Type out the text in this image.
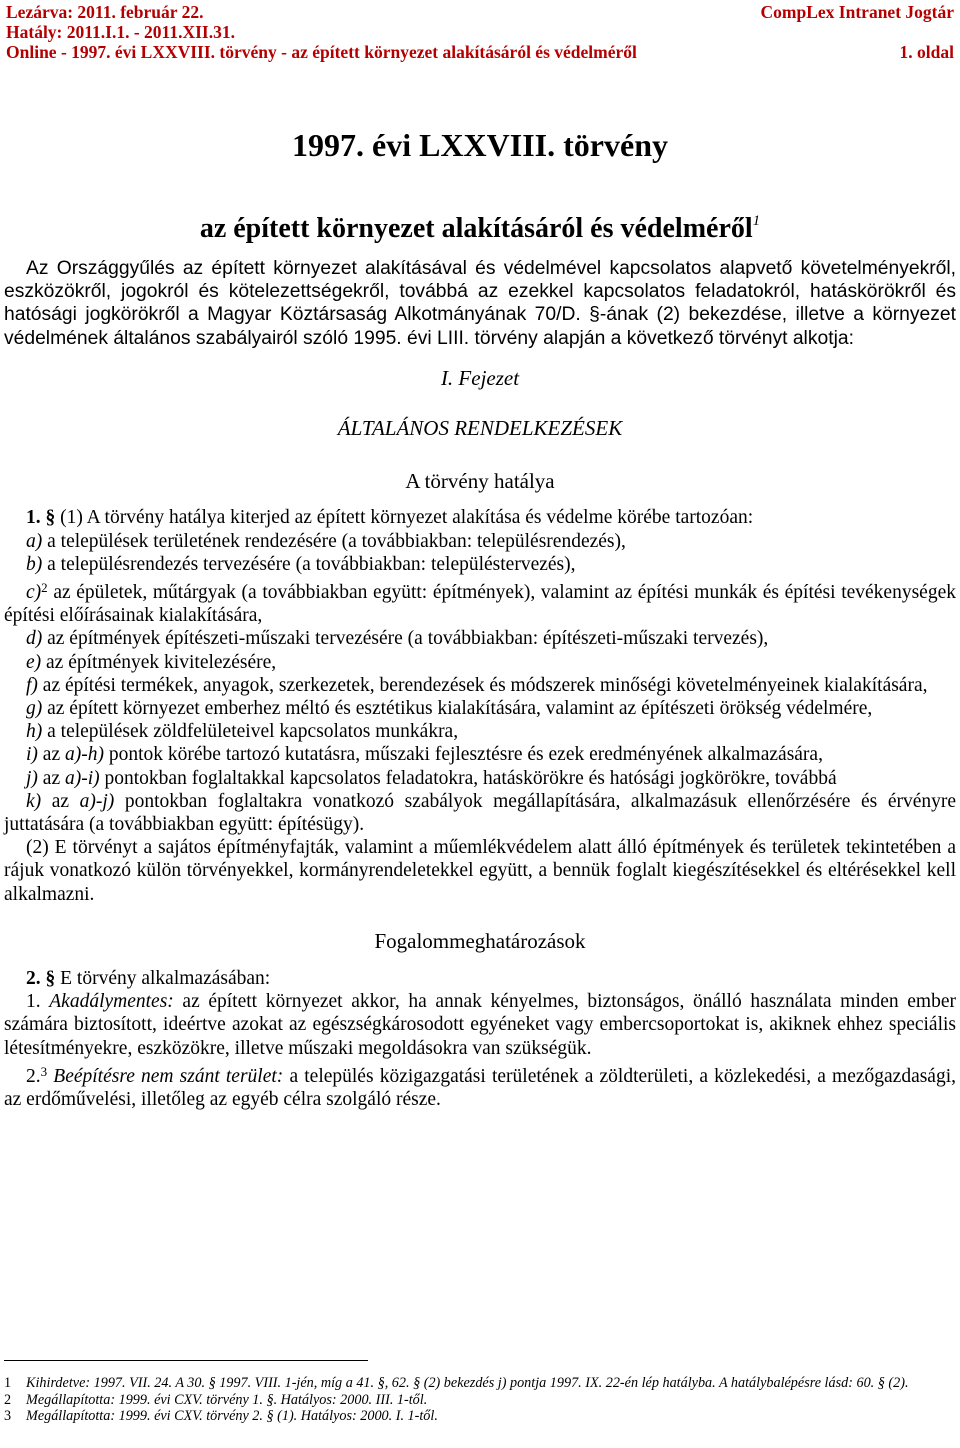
Lezárva: 2011. február 22.	CompLex Intranet Jogtár
Hatály: 2011.I.1. - 2011.XII.31.
Online - 1997. évi LXXVIII. törvény - az épített környezet alakításáról és védelméről	1. oldal
1997. évi LXXVIII. törvény
az épített környezet alakításáról és védelméről$^1$

Az Országgyűlés az épített környezet alakításával és védelmével kapcsolatos alapvető követelményekről, eszközökről, jogokról és kötelezettségekről, továbbá az ezekkel kapcsolatos feladatokról, hatáskörökről és hatósági jogkörökről a Magyar Köztársaság Alkotmányának 70/D. §-ának (2) bekezdése, illetve a környezet védelmének általános szabályairól szóló 1995. évi LIII. törvény alapján a következő törvényt alkotja:

I. Fejezet
ÁLTALÁNOS RENDELKEZÉSEK
A törvény hatálya

1. § (1) A törvény hatálya kiterjed az épített környezet alakítása és védelme körébe tartozóan:

a) a települések területének rendezésére (a továbbiakban: településrendezés),

b) a településrendezés tervezésére (a továbbiakban: településtervezés),

c)$^2$ az épületek, műtárgyak (a továbbiakban együtt: építmények), valamint az építési munkák és építési tevékenységek építési előírásainak kialakítására,

d) az építmények építészeti-műszaki tervezésére (a továbbiakban: építészeti-műszaki tervezés),

e) az építmények kivitelezésére,

f) az építési termékek, anyagok, szerkezetek, berendezések és módszerek minőségi követelményeinek kialakítására,

g) az épített környezet emberhez méltó és esztétikus kialakítására, valamint az építészeti örökség védelmére,

h) a települések zöldfelületeivel kapcsolatos munkákra,

i) az a)-h) pontok körébe tartozó kutatásra, műszaki fejlesztésre és ezek eredményének alkalmazására,

j) az a)-i) pontokban foglaltakkal kapcsolatos feladatokra, hatáskörökre és hatósági jogkörökre, továbbá

k) az a)-j) pontokban foglaltakra vonatkozó szabályok megállapítására, alkalmazásuk ellenőrzésére és érvényre juttatására (a továbbiakban együtt: építésügy).

(2) E törvényt a sajátos építményfajták, valamint a műemlékvédelem alatt álló építmények és területek tekintetében a rájuk vonatkozó külön törvényekkel, kormányrendeletekkel együtt, a bennük foglalt kiegészítésekkel és eltérésekkel kell alkalmazni.

Fogalommeghatározások

2. § E törvény alkalmazásában:

1. Akadálymentes: az épített környezet akkor, ha annak kényelmes, biztonságos, önálló használata minden ember számára biztosított, ideértve azokat az egészségkárosodott egyéneket vagy embercsoportokat is, akiknek ehhez speciális létesítményekre, eszközökre, illetve műszaki megoldásokra van szükségük.

2.$^3$ Beépítésre nem szánt terület: a település közigazgatási területének a zöldterületi, a közlekedési, a mezőgazdasági, az erdőművelési, illetőleg az egyéb célra szolgáló része.

1	Kihirdetve: 1997. VII. 24. A 30. § 1997. VIII. 1-jén, míg a 41. §, 62. § (2) bekezdés j) pontja 1997. IX. 22-én lép hatályba. A hatálybalépésre lásd: 60. § (2).
2	Megállapította: 1999. évi CXV. törvény 1. §. Hatályos: 2000. III. 1-től.
3	Megállapította: 1999. évi CXV. törvény 2. § (1). Hatályos: 2000. I. 1-től.
